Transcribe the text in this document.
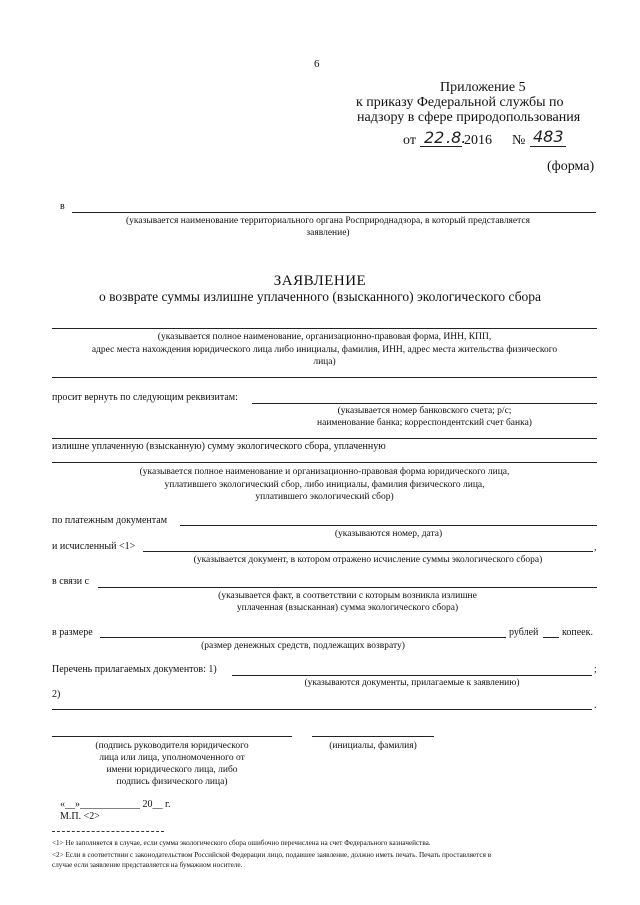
6
Приложение 5
к приказу Федеральной службы по
надзору в сфере природопользования
от 22 .8.
2016 № 483
(форма)
в
(указывается наименование территориального органа Росприроднадзора, в который представляется заявление)
ЗАЯВЛЕНИЕ
о возврате суммы излишне уплаченного (взысканного) экологического сбора
(указывается полное наименование, организационно-правовая форма, ИНН, КПП,
адрес места нахождения юридического лица либо инициалы, фамилия, ИНН, адрес места жительства физического
лица)
просит вернуть по следующим реквизитам:
(указывается номер банковского счета; р/с;
наименование банка; корреспондентский счет банка)
излишне уплаченную (взысканную) сумму экологического сбора, уплаченную
(указывается полное наименование и организационно-правовая форма юридического лица,
уплатившего экологический сбор, либо инициалы, фамилия физического лица,
уплатившего экологический сбор)
по платежным документам
(указываются номер, дата)
и исчисленный <1>	,
(указывается документ, в котором отражено исчисление суммы экологического сбора)
в связи с
(указывается факт, в соответствии с которым возникла излишне
уплаченная (взысканная) сумма экологического сбора)
в размере	рублей копеек.
(размер денежных средств, подлежащих возврату)
Перечень прилагаемых документов: 1)	;
(указываются документы, прилагаемые к заявлению)
2)
.
(подпись руководителя юридического
лица или лица, уполномоченного от
имени юридического лица, либо
подпись физического лица)
(инициалы, фамилия)
«__»____________ 20__ г.
М.П. <2>
<1> Не заполняется в случае, если сумма экологического сбора ошибочно перечислена на счет Федерального казначейства.
<2> Если в соответствии с законодательством Российской Федерации лицо, подавшее заявление, должно иметь печать. Печать проставляется в
случае если заявление представляется на бумажном носителе.
